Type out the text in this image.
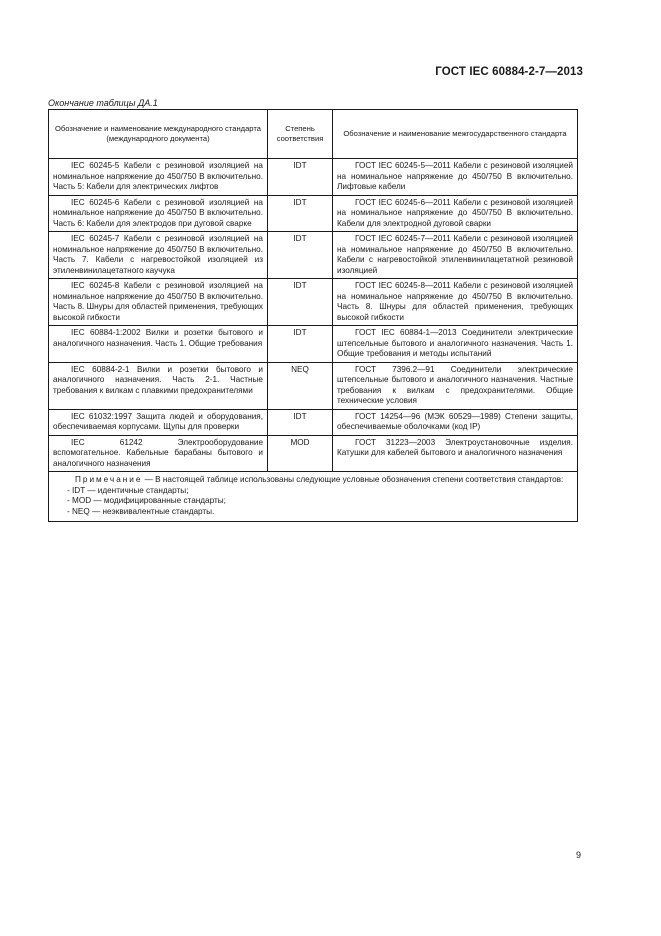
ГОСТ IEC 60884-2-7—2013
Окончание таблицы ДА.1
Обозначение и наименование международного стандарта (международного документа)	Степень соответствия	Обозначение и наименование межгосударственного стандарта

IEC 60245-5 Кабели с резиновой изоляцией на номинальное напряжение до 450/750 В включительно. Часть 5: Кабели для электрических лифтов	IDT	ГОСТ IEC 60245-5—2011 Кабели с резиновой изоляцией на номинальное напряжение до 450/750 В включительно. Лифтовые кабели

IEC 60245-6 Кабели с резиновой изоляцией на номинальное напряжение до 450/750 В включительно. Часть 6: Кабели для электродов при дуговой сварке	IDT	ГОСТ IEC 60245-6—2011 Кабели с резиновой изоляцией на номинальное напряжение до 450/750 В включительно. Кабели для электродной дуговой сварки

IEC 60245-7 Кабели с резиновой изоляцией на номинальное напряжение до 450/750 В включительно. Часть 7. Кабели с нагревостойкой изоляцией из этиленвинилацетатного каучука	IDT	ГОСТ IEC 60245-7—2011 Кабели с резиновой изоляцией на номинальное напряжение до 450/750 В включительно. Кабели с нагревостойкой этиленвинилацетатной резиновой изоляцией

IEC 60245-8 Кабели с резиновой изоляцией на номинальное напряжение до 450/750 В включительно. Часть 8. Шнуры для областей применения, требующих высокой гибкости	IDT	ГОСТ IEC 60245-8—2011 Кабели с резиновой изоляцией на номинальное напряжение до 450/750 В включительно. Часть 8. Шнуры для областей применения, требующих высокой гибкости

IEC 60884-1:2002 Вилки и розетки бытового и аналогичного назначения. Часть 1. Общие требования	IDT	ГОСТ IEC 60884-1—2013 Соединители электрические штепсельные бытового и аналогичного назначения. Часть 1. Общие требования и методы испытаний

IEC 60884-2-1 Вилки и розетки бытового и аналогичного назначения. Часть 2-1. Частные требования к вилкам с плавкими предохранителями	NEQ	ГОСТ 7396.2—91 Соединители электрические штепсельные бытового и аналогичного назначения. Частные требования к вилкам с предохранителями. Общие технические условия

IEC 61032:1997 Защита людей и оборудования, обеспечиваемая корпусами. Щупы для проверки	IDT	ГОСТ 14254—96 (МЭК 60529—1989) Степени защиты, обеспечиваемые оболочками (код IP)

IEC 61242 Электрооборудование вспомогательное. Кабельные барабаны бытового и аналогичного назначения	MOD	ГОСТ 31223—2003 Электроустановочные изделия. Катушки для кабелей бытового и аналогичного назначения

Примечание — В настоящей таблице использованы следующие условные обозначения степени соответствия стандартов:
- IDT — идентичные стандарты;
- MOD — модифицированные стандарты;
- NEQ — неэквивалентные стандарты.		
9
